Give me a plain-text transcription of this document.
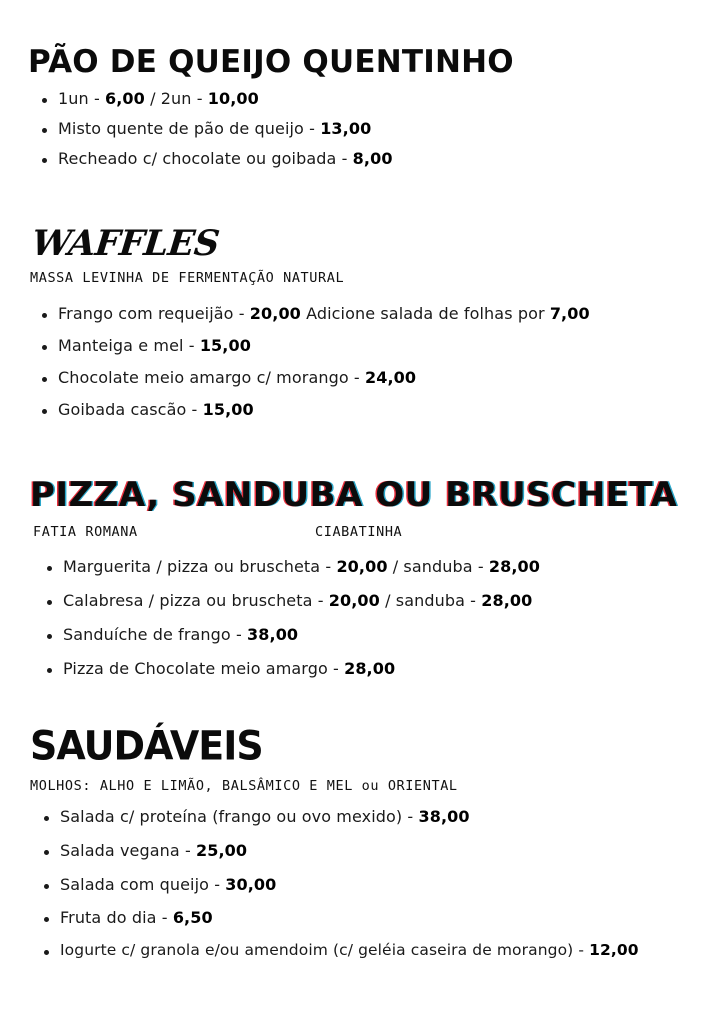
PÃO DE QUEIJO QUENTINHO
1un - 6,00 / 2un - 10,00
Misto quente de pão de queijo - 13,00
Recheado c/ chocolate ou goibada - 8,00
WAFFLES

MASSA LEVINHA DE FERMENTAÇÃO NATURAL

Frango com requeijão - 20,00 Adicione salada de folhas por 7,00
Manteiga e mel - 15,00
Chocolate meio amargo c/ morango - 24,00
Goibada cascão - 15,00
PIZZA, SANDUBA OU BRUSCHETA

FATIA ROMANA	CIABATINHA

Marguerita / pizza ou bruscheta - 20,00 / sanduba - 28,00
Calabresa / pizza ou bruscheta - 20,00 / sanduba - 28,00
Sanduíche de frango - 38,00
Pizza de Chocolate meio amargo - 28,00
SAUDÁVEIS

MOLHOS: ALHO E LIMÃO, BALSÂMICO E MEL ou ORIENTAL

Salada c/ proteína (frango ou ovo mexido) - 38,00
Salada vegana - 25,00
Salada com queijo - 30,00
Fruta do dia - 6,50
Iogurte c/ granola e/ou amendoim (c/ geléia caseira de morango) - 12,00
